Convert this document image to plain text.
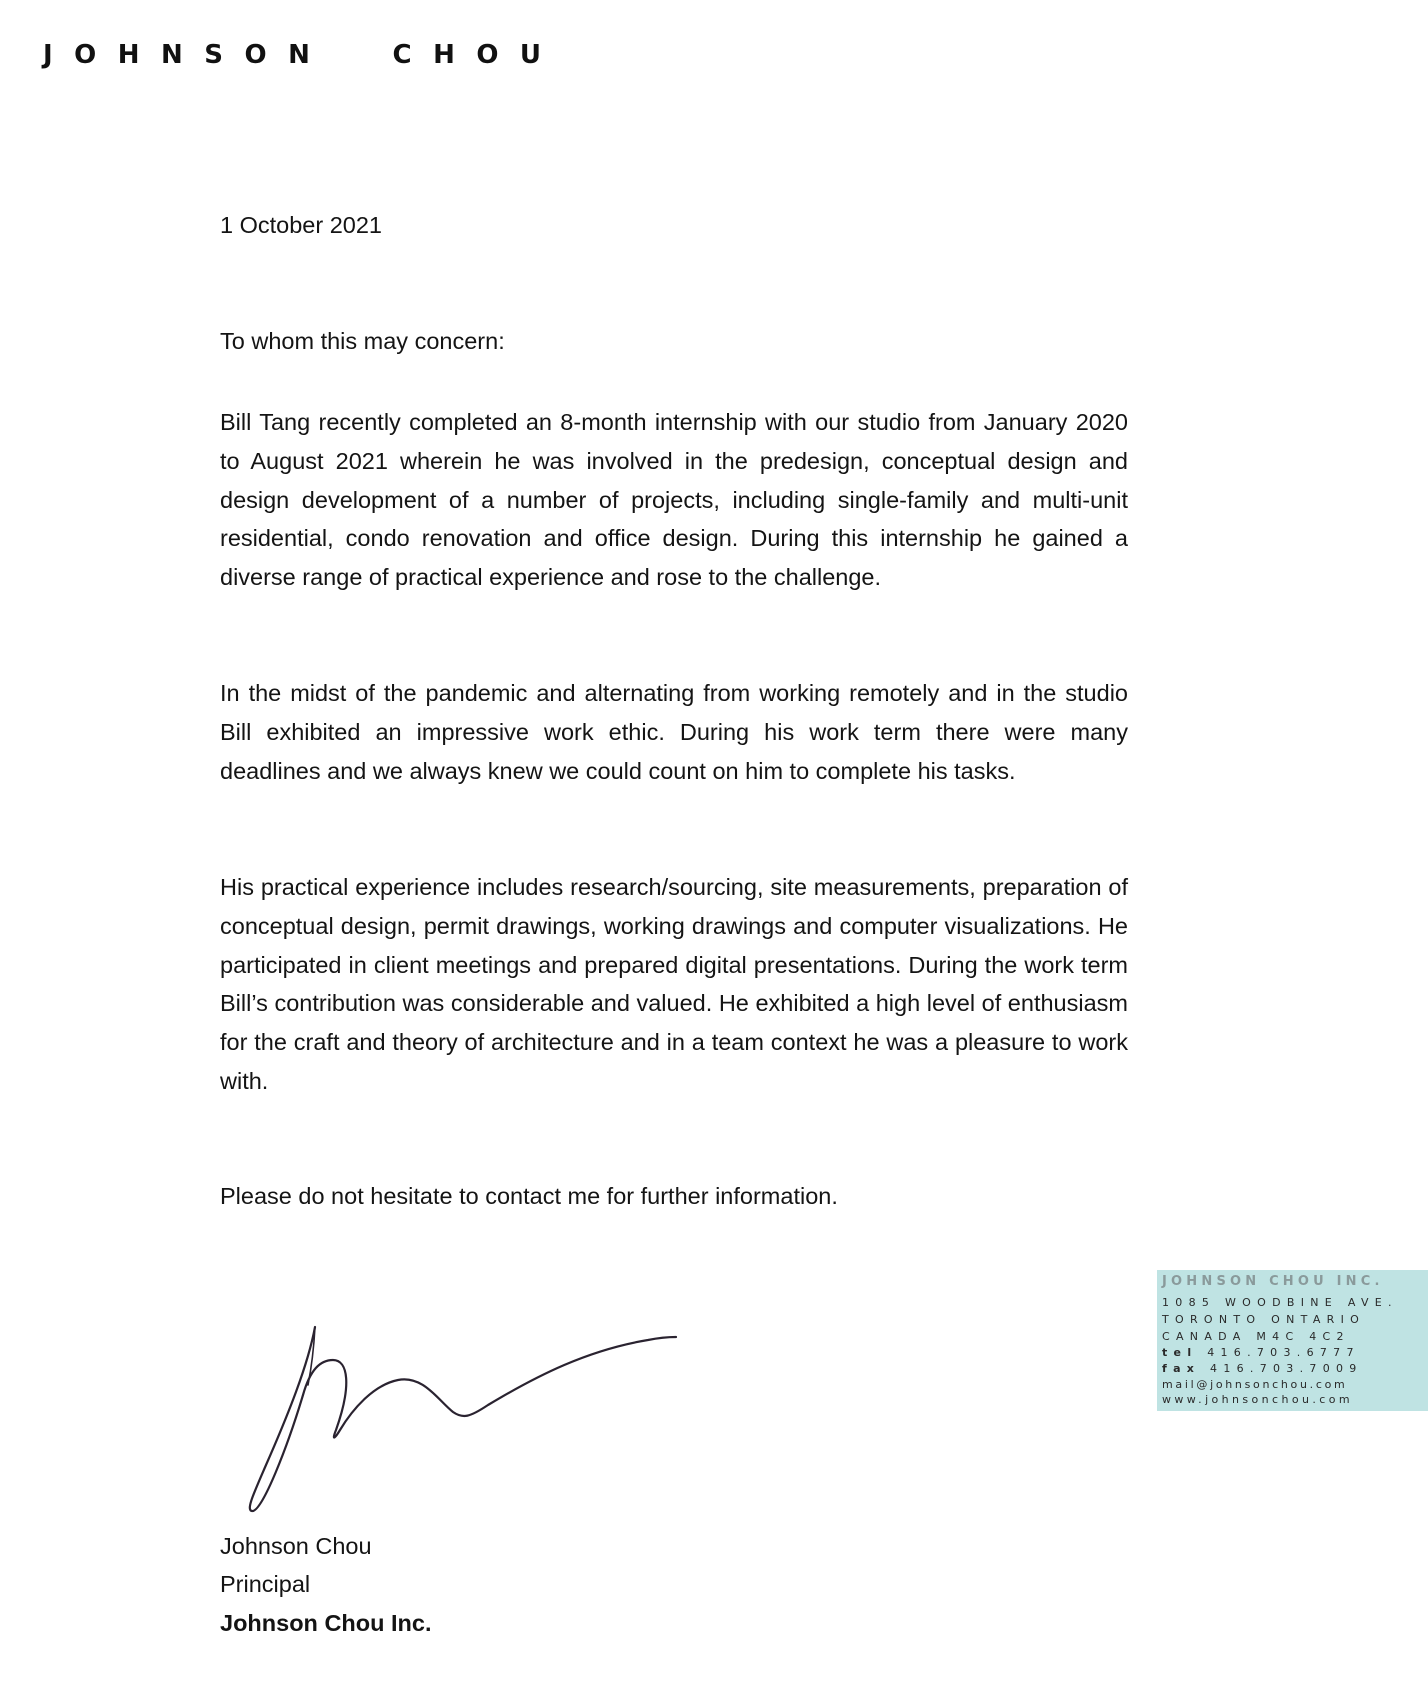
JOHNSON  CHOU
1 October 2021
To whom this may concern:

Bill Tang recently completed an 8-month internship with our studio from January 2020 to August 2021 wherein he was involved in the predesign, conceptual design and design development of a number of projects, including single-family and multi-unit residential, condo renovation and office design. During this internship he gained a diverse range of practical experience and rose to the challenge.

In the midst of the pandemic and alternating from working remotely and in the studio Bill exhibited an impressive work ethic. During his work term there were many deadlines and we always knew we could count on him to complete his tasks.

His practical experience includes research/sourcing, site measurements, preparation of conceptual design, permit drawings, working drawings and computer visualizations. He participated in client meetings and prepared digital presentations. During the work term Bill’s contribution was considerable and valued. He exhibited a high level of enthusiasm for the craft and theory of architecture and in a team context he was a pleasure to work with.

Please do not hesitate to contact me for further information.

Johnson Chou
Principal
Johnson Chou Inc.
JOHNSON CHOU INC.
1085 WOODBINE AVE.
TORONTO ONTARIO
CANADA M4C 4C2
tel 416.703.6777
fax 416.703.7009
mail@johnsonchou.com
www.johnsonchou.com
